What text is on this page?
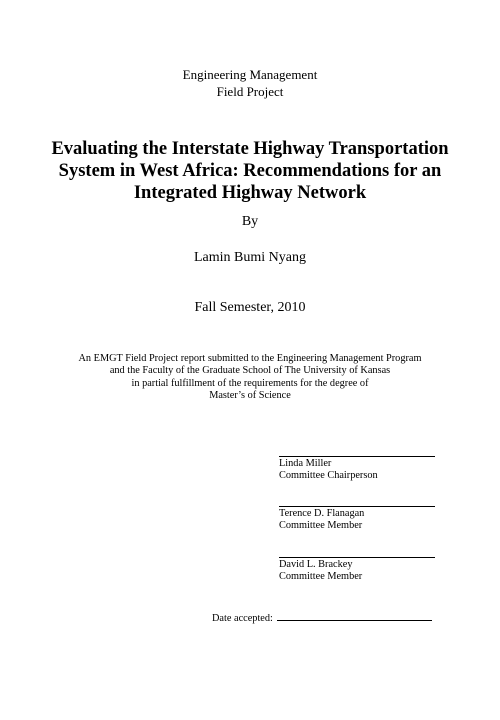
Engineering Management
Field Project
Evaluating the Interstate Highway Transportation
System in West Africa: Recommendations for an
Integrated Highway Network
By
Lamin Bumi Nyang
Fall Semester, 2010
An EMGT Field Project report submitted to the Engineering Management Program
and the Faculty of the Graduate School of The University of Kansas
in partial fulfillment of the requirements for the degree of
Master’s of Science
Linda Miller
Committee Chairperson
Terence D. Flanagan
Committee Member
David L. Brackey
Committee Member
Date accepted:
